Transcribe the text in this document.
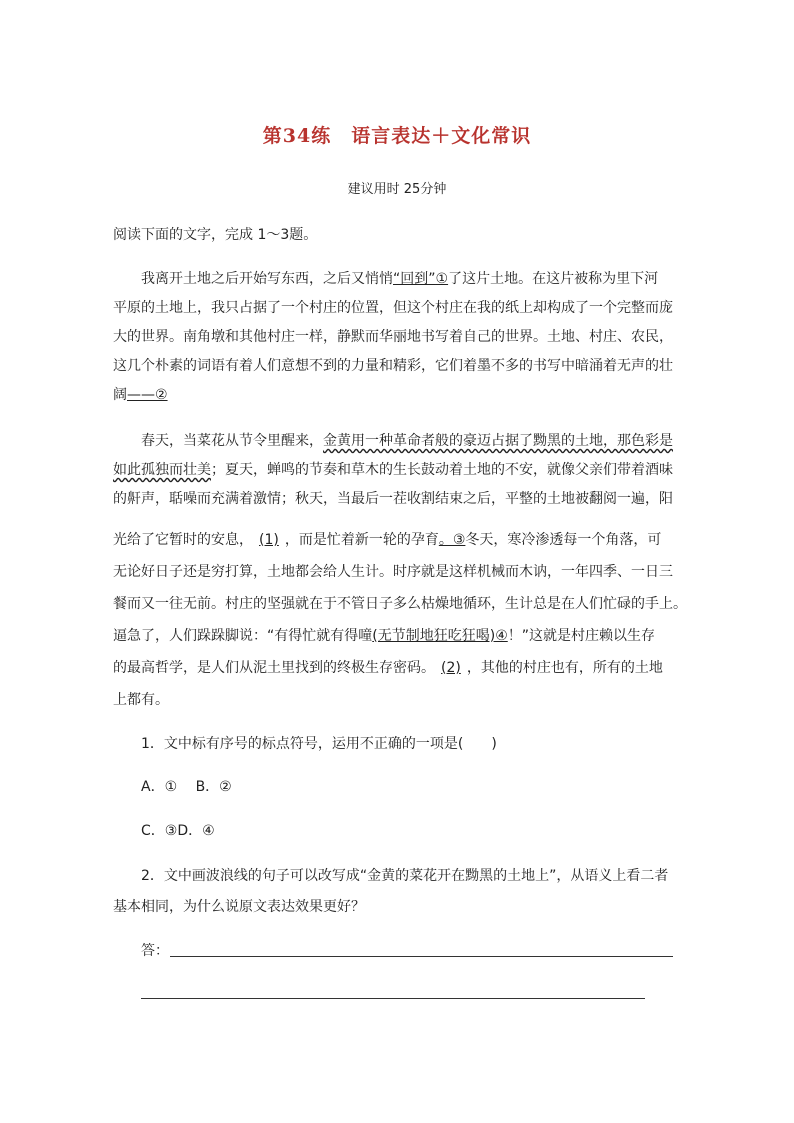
第34练　语言表达＋文化常识
建议用时 25分钟
阅读下面的文字，完成 1～3题。
我离开土地之后开始写东西，之后又悄悄“回到”①了这片土地。在这片被称为里下河
平原的土地上，我只占据了一个村庄的位置，但这个村庄在我的纸上却构成了一个完整而庞
大的世界。南角墩和其他村庄一样，静默而华丽地书写着自己的世界。土地、村庄、农民，
这几个朴素的词语有着人们意想不到的力量和精彩，它们着墨不多的书写中暗涌着无声的壮
阔——②
春天，当菜花从节令里醒来，金黄用一种革命者般的豪迈占据了黝黑的土地，那色彩是
如此孤独而壮美；夏天，蝉鸣的节奏和草木的生长鼓动着土地的不安，就像父亲们带着酒味
的鼾声，聒噪而充满着激情；秋天，当最后一茬收割结束之后，平整的土地被翻阅一遍，阳
光给了它暂时的安息， (1) ，而是忙着新一轮的孕育。③冬天，寒冷渗透每一个角落，可
无论好日子还是穷打算，土地都会给人生计。时序就是这样机械而木讷，一年四季、一日三
餐而又一往无前。村庄的坚强就在于不管日子多么枯燥地循环，生计总是在人们忙碌的手上。
逼急了，人们跺跺脚说：“有得忙就有得噇(无节制地狂吃狂喝)④！”这就是村庄赖以生存
的最高哲学，是人们从泥土里找到的终极生存密码。 (2) ，其他的村庄也有，所有的土地
上都有。
1．文中标有序号的标点符号，运用不正确的一项是(　　)
A．①　 B．②
C．③D．④
2．文中画波浪线的句子可以改写成“金黄的菜花开在黝黑的土地上”，从语义上看二者
基本相同，为什么说原文表达效果更好？
答：
